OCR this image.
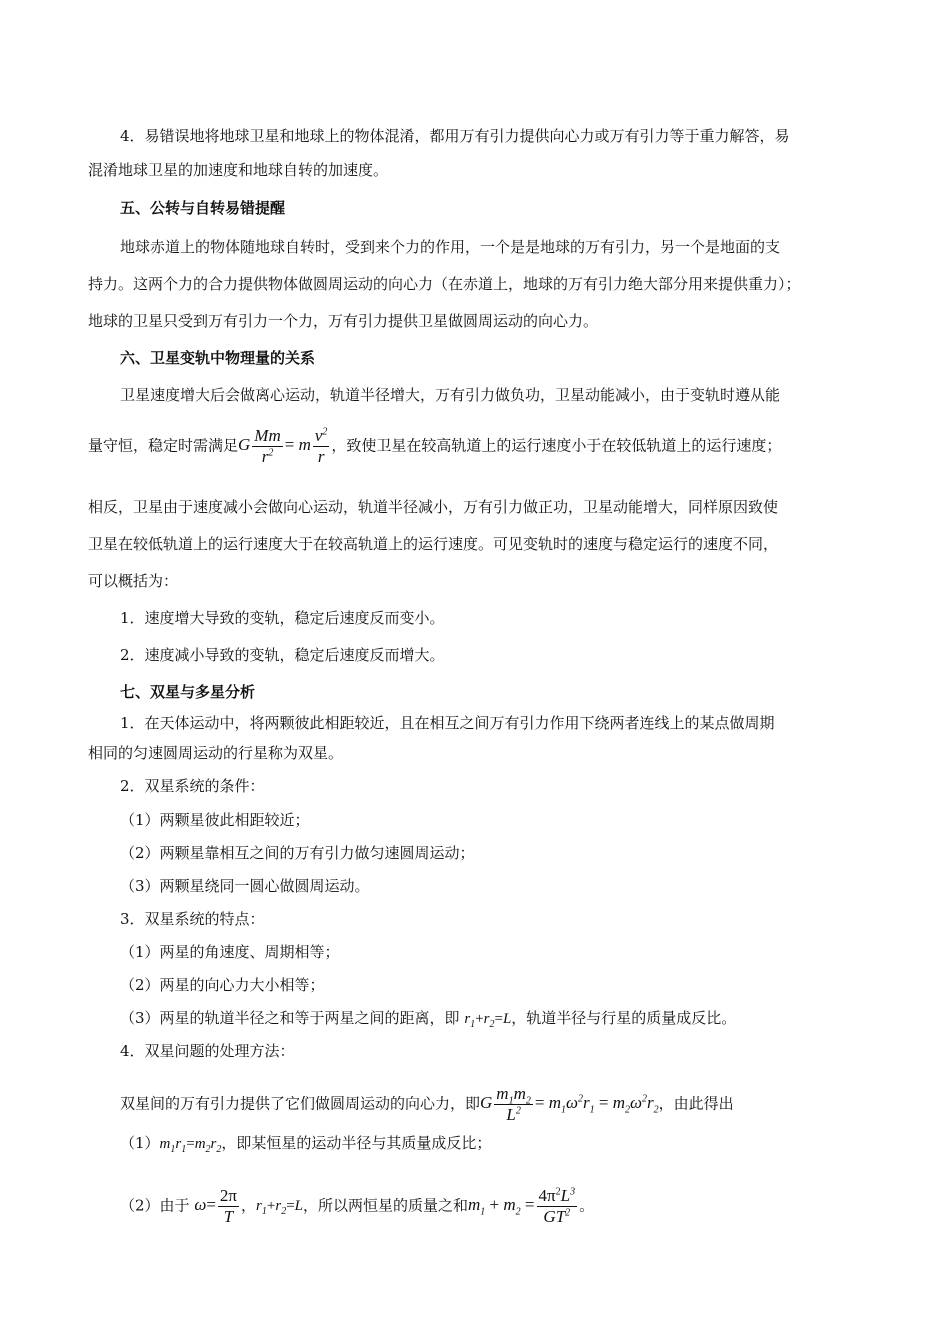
4．易错误地将地球卫星和地球上的物体混淆，都用万有引力提供向心力或万有引力等于重力解答，易
混淆地球卫星的加速度和地球自转的加速度。
五、公转与自转易错提醒
地球赤道上的物体随地球自转时，受到来个力的作用，一个是是地球的万有引力，另一个是地面的支
持力。这两个力的合力提供物体做圆周运动的向心力（在赤道上，地球的万有引力绝大部分用来提供重力）；
地球的卫星只受到万有引力一个力，万有引力提供卫星做圆周运动的向心力。
六、卫星变轨中物理量的关系
卫星速度增大后会做离心运动，轨道半径增大，万有引力做负功，卫星动能减小，由于变轨时遵从能
量守恒，稳定时需满足G $\frac{Mm}{r^2} = m \frac{v^2}{r}$ ，致使卫星在较高轨道上的运行速度小于在较低轨道上的运行速度；
相反，卫星由于速度减小会做向心运动，轨道半径减小，万有引力做正功，卫星动能增大，同样原因致使
卫星在较低轨道上的运行速度大于在较高轨道上的运行速度。可见变轨时的速度与稳定运行的速度不同，
可以概括为：
1．速度增大导致的变轨，稳定后速度反而变小。
2．速度减小导致的变轨，稳定后速度反而增大。
七、双星与多星分析
1．在天体运动中，将两颗彼此相距较近，且在相互之间万有引力作用下绕两者连线上的某点做周期
相同的匀速圆周运动的行星称为双星。
2．双星系统的条件：
（1）两颗星彼此相距较近；
（2）两颗星靠相互之间的万有引力做匀速圆周运动；
（3）两颗星绕同一圆心做圆周运动。
3．双星系统的特点：
（1）两星的角速度、周期相等；
（2）两星的向心力大小相等；
（3）两星的轨道半径之和等于两星之间的距离，即 $r_1+r_2=L$，轨道半径与行星的质量成反比。
4．双星问题的处理方法：
双星间的万有引力提供了它们做圆周运动的向心力，即G $\frac{m_1m_2}{L^2} = m_1\omega^2r_1 = m_2\omega^2r_2$，由此得出
$(1)m_1r_1=m_2r_2$，即某恒星的运动半径与其质量成反比；
（2）由于 $\omega= \frac{2\pi}{T}$ ，$r_1+r_2=L$，所以两恒星的质量之和$m_1 + m_2 = \frac{4\pi^2L^3}{GT^2}$ 。
